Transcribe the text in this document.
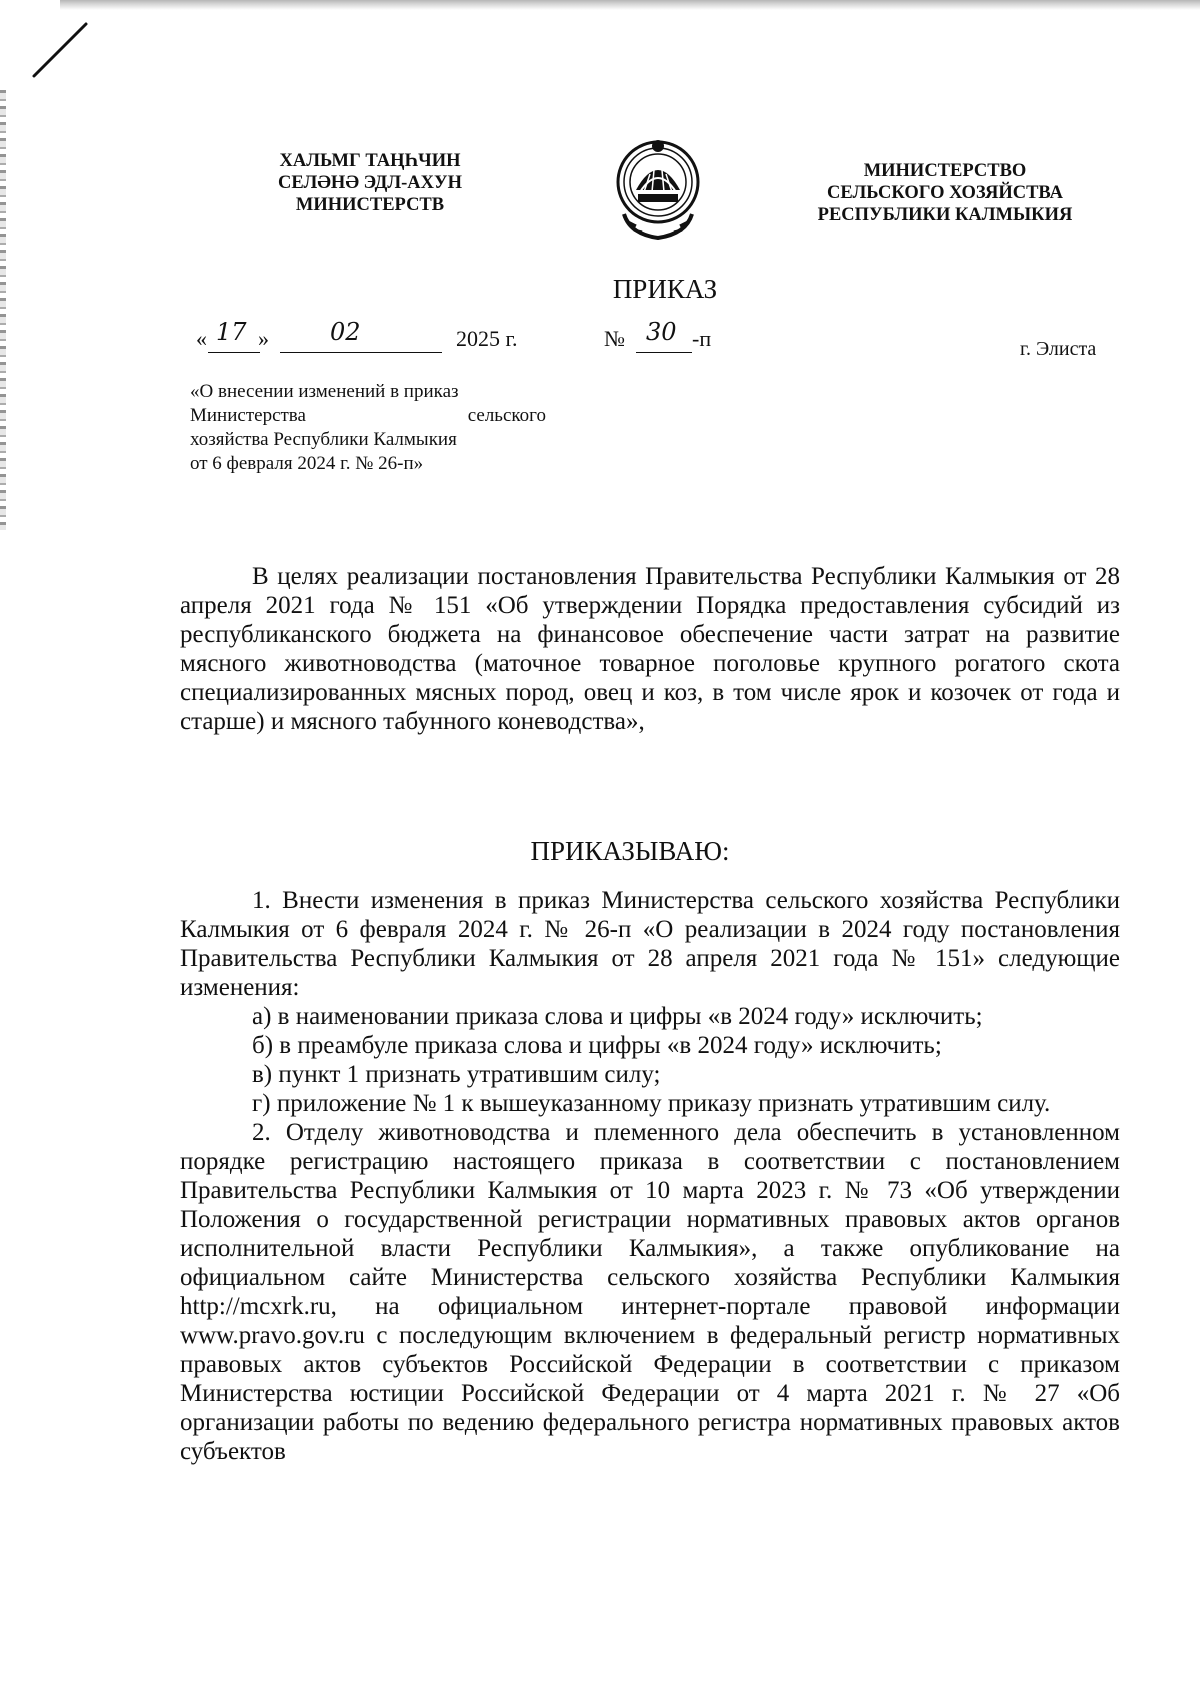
ХАЛЬМГ ТАҢҺЧИН
СЕЛӘНӘ ЭДЛ-АХУН
МИНИСТЕРСТВ
МИНИСТЕРСТВО
СЕЛЬСКОГО ХОЗЯЙСТВА
РЕСПУБЛИКИ КАЛМЫКИЯ
ПРИКАЗ
« 17 »	02	2025 г.	№ 30 -п	г. Элиста
«О внесении изменений в приказ
Министерства сельского
хозяйства Республики Калмыкия
от 6 февраля 2024 г. № 26-п»

В целях реализации постановления Правительства Республики Калмыкия от 28 апреля 2021 года № 151 «Об утверждении Порядка предоставления субсидий из республиканского бюджета на финансовое обеспечение части затрат на развитие мясного животноводства (маточное товарное поголовье крупного рогатого скота специализированных мясных пород, овец и коз, в том числе ярок и козочек от года и старше) и мясного табунного коневодства»,

ПРИКАЗЫВАЮ:

1. Внести изменения в приказ Министерства сельского хозяйства Республики Калмыкия от 6 февраля 2024 г. № 26-п «О реализации в 2024 году постановления Правительства Республики Калмыкия от 28 апреля 2021 года № 151» следующие изменения:

а) в наименовании приказа слова и цифры «в 2024 году» исключить;

б) в преамбуле приказа слова и цифры «в 2024 году» исключить;

в) пункт 1 признать утратившим силу;

г) приложение № 1 к вышеуказанному приказу признать утратившим силу.

2. Отделу животноводства и племенного дела обеспечить в установленном порядке регистрацию настоящего приказа в соответствии с постановлением Правительства Республики Калмыкия от 10 марта 2023 г. № 73 «Об утверждении Положения о государственной регистрации нормативных правовых актов органов исполнительной власти Республики Калмыкия», а также опубликование на официальном сайте Министерства сельского хозяйства Республики Калмыкия http://mcxrk.ru, на официальном интернет-портале правовой информации www.pravo.gov.ru с последующим включением в федеральный регистр нормативных правовых актов субъектов Российской Федерации в соответствии с приказом Министерства юстиции Российской Федерации от 4 марта 2021 г. № 27 «Об организации работы по ведению федерального регистра нормативных правовых актов субъектов
